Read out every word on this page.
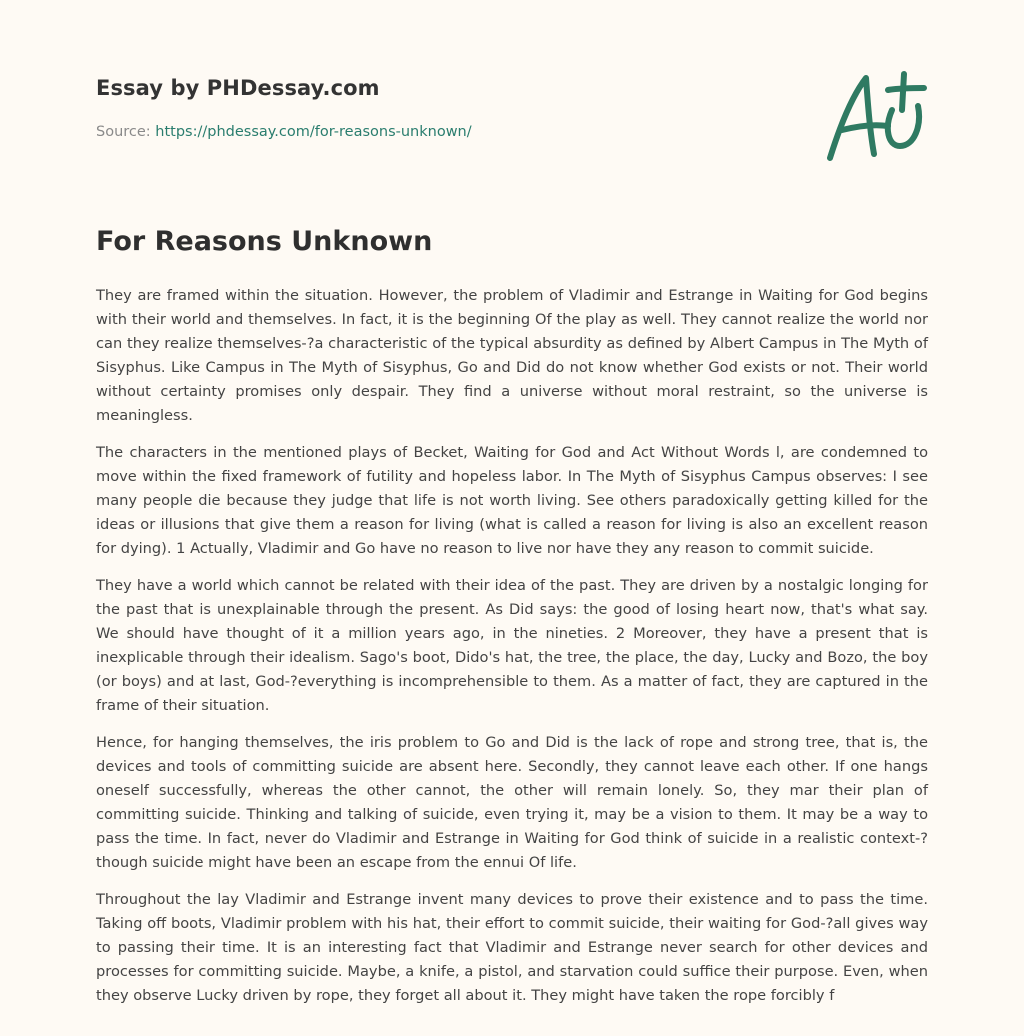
Essay by PHDessay.com

Source: https://phdessay.com/for-reasons-unknown/

For Reasons Unknown

They are framed within the situation. However, the problem of Vladimir and Estrange in Waiting for God begins with their world and themselves. In fact, it is the beginning Of the play as well. They cannot realize the world nor can they realize themselves-?a characteristic of the typical absurdity as defined by Albert Campus in The Myth of Sisyphus. Like Campus in The Myth of Sisyphus, Go and Did do not know whether God exists or not. Their world without certainty promises only despair. They find a universe without moral restraint, so the universe is meaningless.

The characters in the mentioned plays of Becket, Waiting for God and Act Without Words l, are condemned to move within the fixed framework of futility and hopeless labor. In The Myth of Sisyphus Campus observes: I see many people die because they judge that life is not worth living. See others paradoxically getting killed for the ideas or illusions that give them a reason for living (what is called a reason for living is also an excellent reason for dying). 1 Actually, Vladimir and Go have no reason to live nor have they any reason to commit suicide.

They have a world which cannot be related with their idea of the past. They are driven by a nostalgic longing for the past that is unexplainable through the present. As Did says: the good of losing heart now, that's what say. We should have thought of it a million years ago, in the nineties. 2 Moreover, they have a present that is inexplicable through their idealism. Sago's boot, Dido's hat, the tree, the place, the day, Lucky and Bozo, the boy (or boys) and at last, God-?everything is incomprehensible to them. As a matter of fact, they are captured in the frame of their situation.

Hence, for hanging themselves, the iris problem to Go and Did is the lack of rope and strong tree, that is, the devices and tools of committing suicide are absent here. Secondly, they cannot leave each other. If one hangs oneself successfully, whereas the other cannot, the other will remain lonely. So, they mar their plan of committing suicide. Thinking and talking of suicide, even trying it, may be a vision to them. It may be a way to pass the time. In fact, never do Vladimir and Estrange in Waiting for God think of suicide in a realistic context-?though suicide might have been an escape from the ennui Of life.

Throughout the lay Vladimir and Estrange invent many devices to prove their existence and to pass the time. Taking off boots, Vladimir problem with his hat, their effort to commit suicide, their waiting for God-?all gives way to passing their time. It is an interesting fact that Vladimir and Estrange never search for other devices and processes for committing suicide. Maybe, a knife, a pistol, and starvation could suffice their purpose. Even, when they observe Lucky driven by rope, they forget all about it. They might have taken the rope forcibly f
